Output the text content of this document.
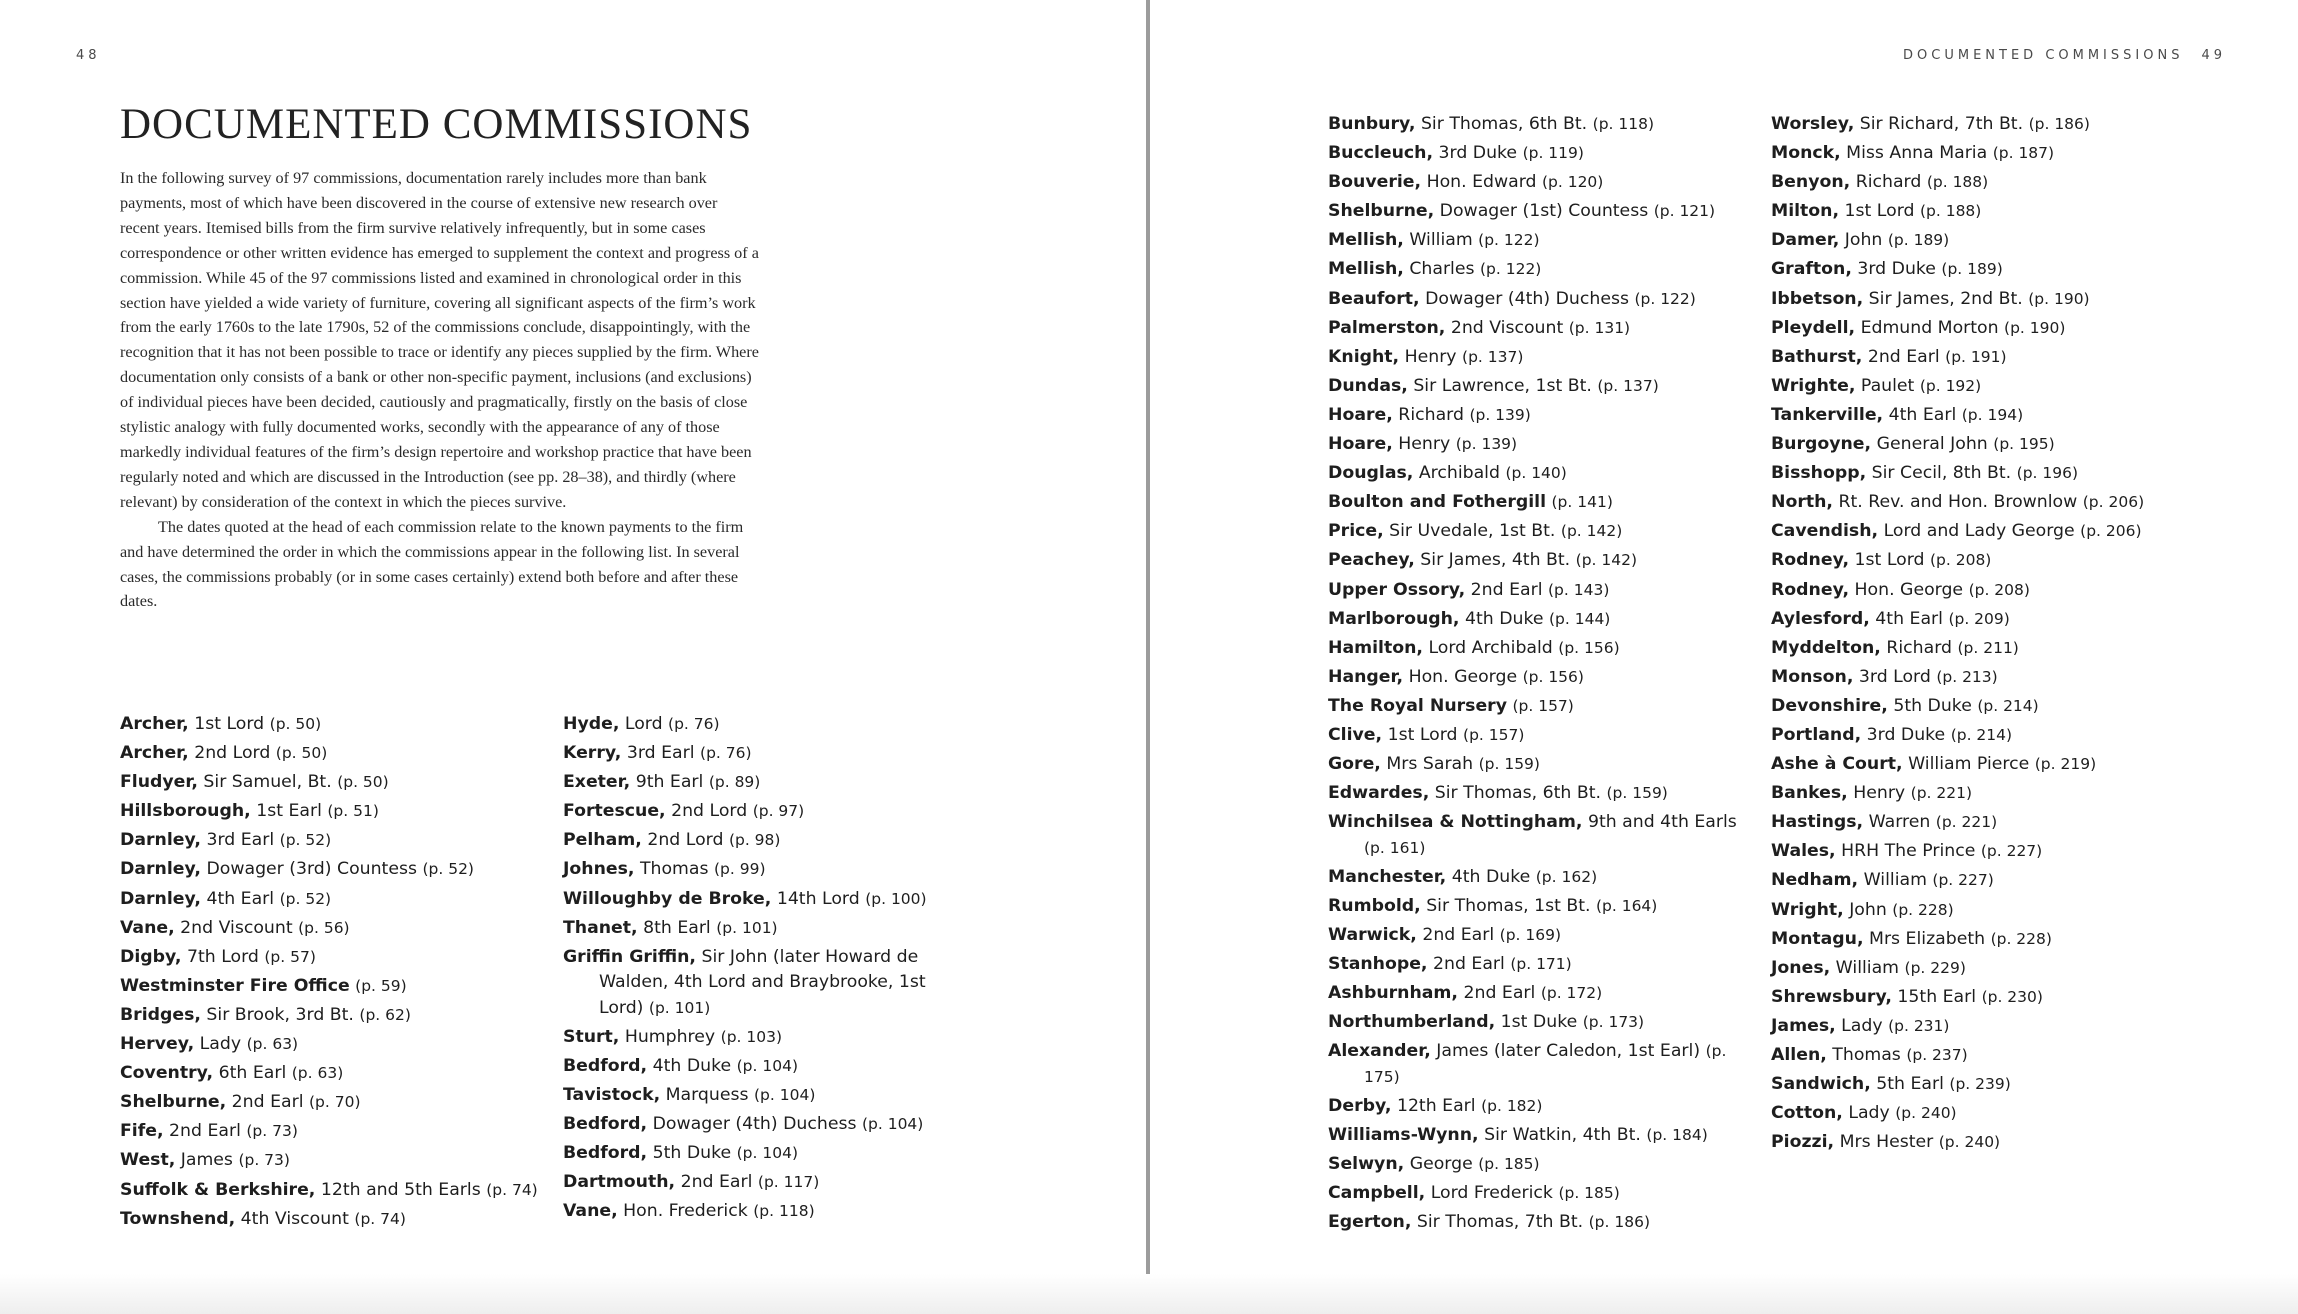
48
DOCUMENTED COMMISSIONS

In the following survey of 97 commissions, documentation rarely includes more than bank payments, most of which have been discovered in the course of extensive new research over recent years. Itemised bills from the firm survive relatively infrequently, but in some cases correspondence or other written evidence has emerged to supplement the context and progress of a commission. While 45 of the 97 commissions listed and examined in chronological order in this section have yielded a wide variety of furniture, covering all significant aspects of the firm’s work from the early 1760s to the late 1790s, 52 of the commissions conclude, disappointingly, with the recognition that it has not been possible to trace or identify any pieces supplied by the firm. Where documentation only consists of a bank or other non-specific payment, inclusions (and exclusions) of individual pieces have been decided, cautiously and pragmatically, firstly on the basis of close stylistic analogy with fully documented works, secondly with the appearance of any of those markedly individual features of the firm’s design repertoire and workshop practice that have been regularly noted and which are discussed in the Introduction (see pp. 28–38), and thirdly (where relevant) by consideration of the context in which the pieces survive.

The dates quoted at the head of each commission relate to the known payments to the firm and have determined the order in which the commissions appear in the following list. In several cases, the commissions probably (or in some cases certainly) extend both before and after these dates.

Archer, 1st Lord (p. 50)
Archer, 2nd Lord (p. 50)
Fludyer, Sir Samuel, Bt. (p. 50)
Hillsborough, 1st Earl (p. 51)
Darnley, 3rd Earl (p. 52)
Darnley, Dowager (3rd) Countess (p. 52)
Darnley, 4th Earl (p. 52)
Vane, 2nd Viscount (p. 56)
Digby, 7th Lord (p. 57)
Westminster Fire Office (p. 59)
Bridges, Sir Brook, 3rd Bt. (p. 62)
Hervey, Lady (p. 63)
Coventry, 6th Earl (p. 63)
Shelburne, 2nd Earl (p. 70)
Fife, 2nd Earl (p. 73)
West, James (p. 73)
Suffolk & Berkshire, 12th and 5th Earls (p. 74)
Townshend, 4th Viscount (p. 74)
Hyde, Lord (p. 76)
Kerry, 3rd Earl (p. 76)
Exeter, 9th Earl (p. 89)
Fortescue, 2nd Lord (p. 97)
Pelham, 2nd Lord (p. 98)
Johnes, Thomas (p. 99)
Willoughby de Broke, 14th Lord (p. 100)
Thanet, 8th Earl (p. 101)
Griffin Griffin, Sir John (later Howard de Walden, 4th Lord and Braybrooke, 1st Lord) (p. 101)
Sturt, Humphrey (p. 103)
Bedford, 4th Duke (p. 104)
Tavistock, Marquess (p. 104)
Bedford, Dowager (4th) Duchess (p. 104)
Bedford, 5th Duke (p. 104)
Dartmouth, 2nd Earl (p. 117)
Vane, Hon. Frederick (p. 118)
DOCUMENTED COMMISSIONS 49
Bunbury, Sir Thomas, 6th Bt. (p. 118)
Buccleuch, 3rd Duke (p. 119)
Bouverie, Hon. Edward (p. 120)
Shelburne, Dowager (1st) Countess (p. 121)
Mellish, William (p. 122)
Mellish, Charles (p. 122)
Beaufort, Dowager (4th) Duchess (p. 122)
Palmerston, 2nd Viscount (p. 131)
Knight, Henry (p. 137)
Dundas, Sir Lawrence, 1st Bt. (p. 137)
Hoare, Richard (p. 139)
Hoare, Henry (p. 139)
Douglas, Archibald (p. 140)
Boulton and Fothergill (p. 141)
Price, Sir Uvedale, 1st Bt. (p. 142)
Peachey, Sir James, 4th Bt. (p. 142)
Upper Ossory, 2nd Earl (p. 143)
Marlborough, 4th Duke (p. 144)
Hamilton, Lord Archibald (p. 156)
Hanger, Hon. George (p. 156)
The Royal Nursery (p. 157)
Clive, 1st Lord (p. 157)
Gore, Mrs Sarah (p. 159)
Edwardes, Sir Thomas, 6th Bt. (p. 159)
Winchilsea & Nottingham, 9th and 4th Earls (p. 161)
Manchester, 4th Duke (p. 162)
Rumbold, Sir Thomas, 1st Bt. (p. 164)
Warwick, 2nd Earl (p. 169)
Stanhope, 2nd Earl (p. 171)
Ashburnham, 2nd Earl (p. 172)
Northumberland, 1st Duke (p. 173)
Alexander, James (later Caledon, 1st Earl) (p. 175)
Derby, 12th Earl (p. 182)
Williams-Wynn, Sir Watkin, 4th Bt. (p. 184)
Selwyn, George (p. 185)
Campbell, Lord Frederick (p. 185)
Egerton, Sir Thomas, 7th Bt. (p. 186)
Worsley, Sir Richard, 7th Bt. (p. 186)
Monck, Miss Anna Maria (p. 187)
Benyon, Richard (p. 188)
Milton, 1st Lord (p. 188)
Damer, John (p. 189)
Grafton, 3rd Duke (p. 189)
Ibbetson, Sir James, 2nd Bt. (p. 190)
Pleydell, Edmund Morton (p. 190)
Bathurst, 2nd Earl (p. 191)
Wrighte, Paulet (p. 192)
Tankerville, 4th Earl (p. 194)
Burgoyne, General John (p. 195)
Bisshopp, Sir Cecil, 8th Bt. (p. 196)
North, Rt. Rev. and Hon. Brownlow (p. 206)
Cavendish, Lord and Lady George (p. 206)
Rodney, 1st Lord (p. 208)
Rodney, Hon. George (p. 208)
Aylesford, 4th Earl (p. 209)
Myddelton, Richard (p. 211)
Monson, 3rd Lord (p. 213)
Devonshire, 5th Duke (p. 214)
Portland, 3rd Duke (p. 214)
Ashe à Court, William Pierce (p. 219)
Bankes, Henry (p. 221)
Hastings, Warren (p. 221)
Wales, HRH The Prince (p. 227)
Nedham, William (p. 227)
Wright, John (p. 228)
Montagu, Mrs Elizabeth (p. 228)
Jones, William (p. 229)
Shrewsbury, 15th Earl (p. 230)
James, Lady (p. 231)
Allen, Thomas (p. 237)
Sandwich, 5th Earl (p. 239)
Cotton, Lady (p. 240)
Piozzi, Mrs Hester (p. 240)
